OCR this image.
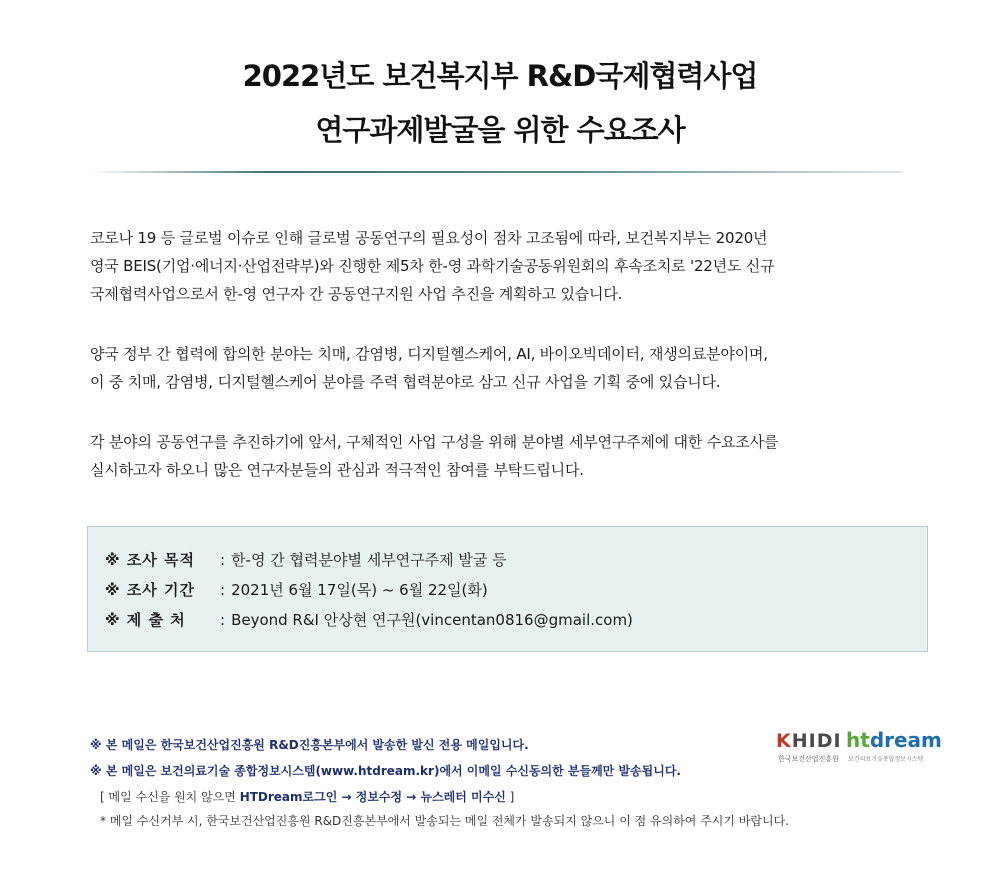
2022년도 보건복지부 R&D국제협력사업
연구과제발굴을 위한 수요조사

코로나 19 등 글로벌 이슈로 인해 글로벌 공동연구의 필요성이 점차 고조됨에 따라, 보건복지부는 2020년

영국 BEIS(기업·에너지·산업전략부)와 진행한 제5차 한-영 과학기술공동위원회의 후속조치로 '22년도 신규

국제협력사업으로서 한-영 연구자 간 공동연구지원 사업 추진을 계획하고 있습니다.

양국 정부 간 협력에 합의한 분야는 치매, 감염병, 디지털헬스케어, AI, 바이오빅데이터, 재생의료분야이며,

이 중 치매, 감염병, 디지털헬스케어 분야를 주력 협력분야로 삼고 신규 사업을 기획 중에 있습니다.

각 분야의 공동연구를 추진하기에 앞서, 구체적인 사업 구성을 위해 분야별 세부연구주제에 대한 수요조사를

실시하고자 하오니 많은 연구자분들의 관심과 적극적인 참여를 부탁드립니다.

※ 조사 목적 : 한-영 간 협력분야별 세부연구주제 발굴 등
※ 조사 기간 : 2021년 6월 17일(목) ~ 6월 22일(화)
※ 제 출 처 : Beyond R&I 안상현 연구원(vincentan0816@gmail.com)
※ 본 메일은 한국보건산업진흥원 R&D진흥본부에서 발송한 발신 전용 메일입니다.
※ 본 메일은 보건의료기술 종합정보시스템(www.htdream.kr)에서 이메일 수신동의한 분들께만 발송됩니다.
[ 메일 수신을 원치 않으면 HTDream로그인 → 정보수정 → 뉴스레터 미수신 ]
* 메일 수신거부 시, 한국보건산업진흥원 R&D진흥본부에서 발송되는 메일 전체가 발송되지 않으니 이 점 유의하여 주시기 바랍니다.
KHIDI
한국보건산업진흥원
htdream
보건의료기술종합정보시스템
